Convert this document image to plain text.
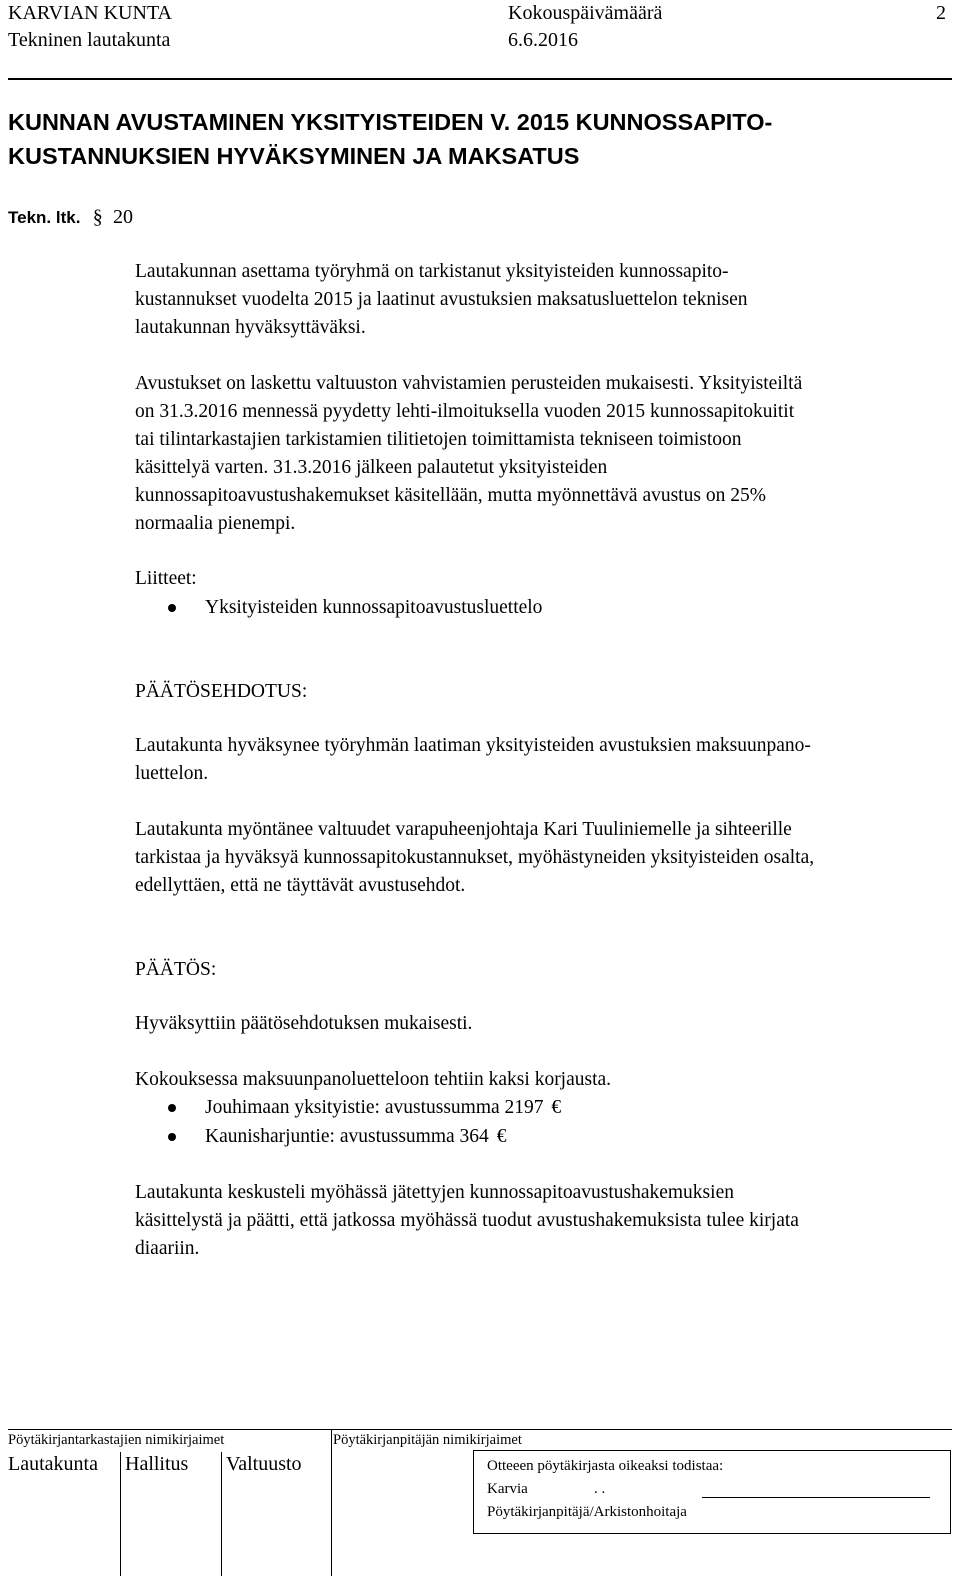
KARVIAN KUNTA
Tekninen lautakunta
Kokouspäivämäärä
6.6.2016
2
KUNNAN AVUSTAMINEN YKSITYISTEIDEN V. 2015 KUNNOSSAPITO-
KUSTANNUKSIEN HYVÄKSYMINEN JA MAKSATUS
Tekn. ltk. § 20
Lautakunnan asettama työryhmä on tarkistanut yksityisteiden kunnossapito-
kustannukset vuodelta 2015 ja laatinut avustuksien maksatusluettelon teknisen
lautakunnan hyväksyttäväksi.
Avustukset on laskettu valtuuston vahvistamien perusteiden mukaisesti. Yksityisteiltä
on 31.3.2016 mennessä pyydetty lehti-ilmoituksella vuoden 2015 kunnossapitokuitit
tai tilintarkastajien tarkistamien tilitietojen toimittamista tekniseen toimistoon
käsittelyä varten. 31.3.2016 jälkeen palautetut yksityisteiden
kunnossapitoavustushakemukset käsitellään, mutta myönnettävä avustus on 25%
normaalia pienempi.
Liitteet:
Yksityisteiden kunnossapitoavustusluettelo
PÄÄTÖSEHDOTUS:
Lautakunta hyväksynee työryhmän laatiman yksityisteiden avustuksien maksuunpano-
luettelon.
Lautakunta myöntänee valtuudet varapuheenjohtaja Kari Tuuliniemelle ja sihteerille
tarkistaa ja hyväksyä kunnossapitokustannukset, myöhästyneiden yksityisteiden osalta,
edellyttäen, että ne täyttävät avustusehdot.
PÄÄTÖS:
Hyväksyttiin päätösehdotuksen mukaisesti.
Kokouksessa maksuunpanoluetteloon tehtiin kaksi korjausta.
Jouhimaan yksityistie: avustussumma 2197 €
Kaunisharjuntie: avustussumma 364 €
Lautakunta keskusteli myöhässä jätettyjen kunnossapitoavustushakemuksien
käsittelystä ja päätti, että jatkossa myöhässä tuodut avustushakemuksista tulee kirjata
diaariin.
Pöytäkirjantarkastajien nimikirjaimet	Pöytäkirjanpitäjän nimikirjaimet
Lautakunta Hallitus Valtuusto	Otteeen pöytäkirjasta oikeaksi todistaa:
Karvia	. .
Pöytäkirjanpitäjä/Arkistonhoitaja
